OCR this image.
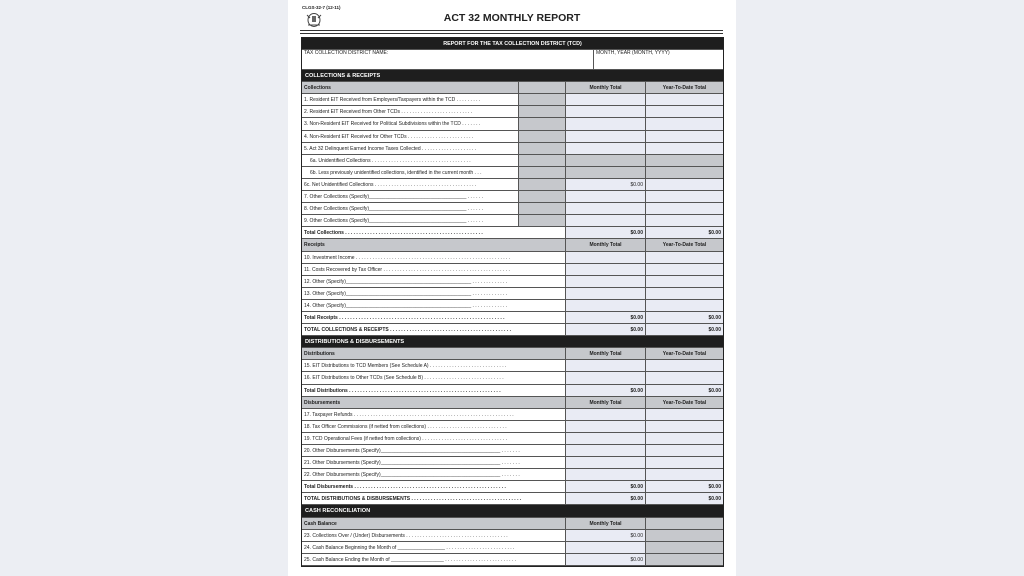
CLGS-32-7 (12-11)
ACT 32 MONTHLY REPORT
REPORT FOR THE TAX COLLECTION DISTRICT (TCD)
TAX COLLECTION DISTRICT NAME:	MONTH, YEAR (MONTH, YYYY)
COLLECTIONS & RECEIPTS
Collections	Monthly Total	Year-To-Date Total
1. Resident EIT Received from Employers/Taxpayers within the TCD . . . . . . . . .
2. Resident EIT Received from Other TCDs . . . . . . . . . . . . . . . . . . . . . . . . . .
3. Non-Resident EIT Received for Political Subdivisions within the TCD . . . . . . .
4. Non-Resident EIT Received for Other TCDs . . . . . . . . . . . . . . . . . . . . . . . .
5. Act 32 Delinquent Earned Income Taxes Collected . . . . . . . . . . . . . . . . . . . .
6a. Unidentified Collections . . . . . . . . . . . . . . . . . . . . . . . . . . . . . . . . . . . .
6b. Less previously unidentified collections, identified in the current month . . .
6c. Net Unidentified Collections . . . . . . . . . . . . . . . . . . . . . . . . . . . . . . . . . . . . .	$0.00
7. Other Collections (Specify)___________________________________ . . . . . .
8. Other Collections (Specify)___________________________________ . . . . . .
9. Other Collections (Specify)___________________________________ . . . . . .
Total Collections . . . . . . . . . . . . . . . . . . . . . . . . . . . . . . . . . . . . . . . . . . . . . . . . . .	$0.00	$0.00
Receipts	Monthly Total	Year-To-Date Total
10. Investment Income . . . . . . . . . . . . . . . . . . . . . . . . . . . . . . . . . . . . . . . . . . . . . . . . . . . . . . . .
11. Costs Recovered by Tax Officer . . . . . . . . . . . . . . . . . . . . . . . . . . . . . . . . . . . . . . . . . . . . . .
12. Other (Specify)_____________________________________________ . . . . . . . . . . . . .
13. Other (Specify)_____________________________________________ . . . . . . . . . . . . .
14. Other (Specify)_____________________________________________ . . . . . . . . . . . . .
Total Receipts . . . . . . . . . . . . . . . . . . . . . . . . . . . . . . . . . . . . . . . . . . . . . . . . . . . . . . . . . . . .	$0.00	$0.00
TOTAL COLLECTIONS & RECEIPTS . . . . . . . . . . . . . . . . . . . . . . . . . . . . . . . . . . . . . . . . . . . .	$0.00	$0.00
DISTRIBUTIONS & DISBURSEMENTS
Distributions	Monthly Total	Year-To-Date Total
15. EIT Distributions to TCD Members (See Schedule A) . . . . . . . . . . . . . . . . . . . . . . . . . . . .
16. EIT Distributions to Other TCDs (See Schedule B) . . . . . . . . . . . . . . . . . . . . . . . . . . . . .
Total Distributions . . . . . . . . . . . . . . . . . . . . . . . . . . . . . . . . . . . . . . . . . . . . . . . . . . . . . . .	$0.00	$0.00
Disbursements	Monthly Total	Year-To-Date Total
17. Taxpayer Refunds . . . . . . . . . . . . . . . . . . . . . . . . . . . . . . . . . . . . . . . . . . . . . . . . . . . . . . . . . .
18. Tax Officer Commissions (if netted from collections) . . . . . . . . . . . . . . . . . . . . . . . . . . . . .
19. TCD Operational Fees (if netted from collections) . . . . . . . . . . . . . . . . . . . . . . . . . . . . . . .
20. Other Disbursements (Specify)___________________________________________ . . . . . . .
21. Other Disbursements (Specify)___________________________________________ . . . . . . .
22. Other Disbursements (Specify)___________________________________________ . . . . . . .
Total Disbursements . . . . . . . . . . . . . . . . . . . . . . . . . . . . . . . . . . . . . . . . . . . . . . . . . . . . . . .	$0.00	$0.00
TOTAL DISTRIBUTIONS & DISBURSEMENTS . . . . . . . . . . . . . . . . . . . . . . . . . . . . . . . . . . . . . . . .	$0.00	$0.00
CASH RECONCILIATION
Cash Balance	Monthly Total
23. Collections Over / (Under) Disbursements . . . . . . . . . . . . . . . . . . . . . . . . . . . . . . . . . . . . .	$0.00
24. Cash Balance Beginning the Month of _________________ . . . . . . . . . . . . . . . . . . . . . . . . .
25. Cash Balance Ending the Month of ___________________ . . . . . . . . . . . . . . . . . . . . . . . . . .	$0.00
